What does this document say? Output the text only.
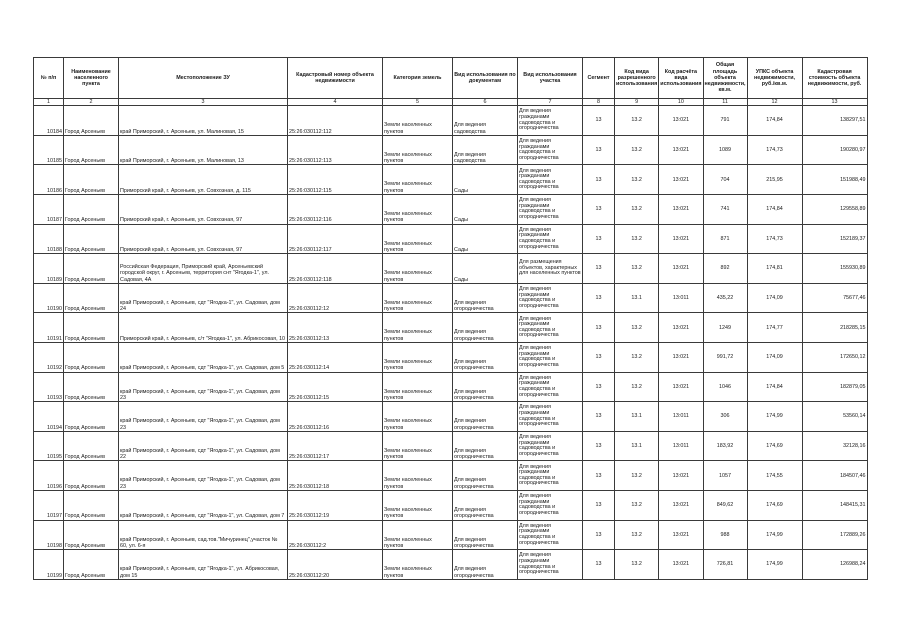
№ п/п	Наименование населенного пункта	Местоположение ЗУ	Кадастровый номер объекта недвижимости	Категория земель	Вид использования по документам	Вид использования участка	Сегмент	Код вида разрешенного использования	Код расчёта вида использования	Общая площадь объекта недвижимости, кв.м.	УПКС объекта недвижимости, руб./кв.м.	Кадастровая стоимость объекта недвижимости, руб.
1	2	3	4	5	6	7	8	9	10	11	12	13
10184	Город Арсеньев	край Приморский, г. Арсеньев, ул. Малиновая, 15	25:26:030112:112	Земли населенных пунктов	Для ведения садоводства	Для ведения гражданами садоводства и огородничества	13	13.2	13:021	791	174,84	138297,51
10185	Город Арсеньев	край Приморский, г. Арсеньев, ул. Малиновая, 13	25:26:030112:113	Земли населенных пунктов	Для ведения садоводства	Для ведения гражданами садоводства и огородничества	13	13.2	13:021	1089	174,73	190280,97
10186	Город Арсеньев	Приморский край, г. Арсеньев, ул. Совхозная, д. 115	25:26:030112:115	Земли населенных пунктов	Сады	Для ведения гражданами садоводства и огородничества	13	13.2	13:021	704	215,95	151988,49
10187	Город Арсеньев	Приморский край, г. Арсеньев, ул. Совхозная, 97	25:26:030112:116	Земли населенных пунктов	Сады	Для ведения гражданами садоводства и огородничества	13	13.2	13:021	741	174,84	129558,89
10188	Город Арсеньев	Приморский край, г. Арсеньев, ул. Совхозная, 97	25:26:030112:117	Земли населенных пунктов	Сады	Для ведения гражданами садоводства и огородничества	13	13.2	13:021	871	174,73	152189,37
10189	Город Арсеньев	Российская Федерация, Приморский край, Арсеньевский городской округ, г. Арсеньев, территория снт "Ягодка-1", ул. Садовая, 4А	25:26:030112:118	Земли населенных пунктов	Сады	Для размещения объектов, характерных для населенных пунктов	13	13.2	13:021	892	174,81	155930,89
10190	Город Арсеньев	край Приморский, г. Арсеньев, сдт "Ягодка-1", ул. Садовая, дом 24	25:26:030112:12	Земли населенных пунктов	Для ведения огородничества	Для ведения гражданами садоводства и огородничества	13	13.1	13:011	435,22	174,09	75677,46
10191	Город Арсеньев	Приморский край, г. Арсеньев, с/т "Ягодка-1", ул. Абрикосовая, 10	25:26:030112:13	Земли населенных пунктов	Для ведения огородничества	Для ведения гражданами садоводства и огородничества	13	13.2	13:021	1249	174,77	218285,15
10192	Город Арсеньев	край Приморский, г. Арсеньев, сдт "Ягодка-1", ул. Садовая, дом 5	25:26:030112:14	Земли населенных пунктов	Для ведения огородничества	Для ведения гражданами садоводства и огородничества	13	13.2	13:021	991,72	174,09	172650,12
10193	Город Арсеньев	край Приморский, г. Арсеньев, сдт "Ягодка-1", ул. Садовая, дом 23	25:26:030112:15	Земли населенных пунктов	Для ведения огородничества	Для ведения гражданами садоводства и огородничества	13	13.2	13:021	1046	174,84	182879,05
10194	Город Арсеньев	край Приморский, г. Арсеньев, сдт "Ягодка-1", ул. Садовая, дом 23	25:26:030112:16	Земли населенных пунктов	Для ведения огородничества	Для ведения гражданами садоводства и огородничества	13	13.1	13:011	306	174,99	53560,14
10195	Город Арсеньев	край Приморский, г. Арсеньев, сдт "Ягодка-1", ул. Садовая, дом 22	25:26:030112:17	Земли населенных пунктов	Для ведения огородничества	Для ведения гражданами садоводства и огородничества	13	13.1	13:011	183,92	174,69	32128,16
10196	Город Арсеньев	край Приморский, г. Арсеньев, сдт "Ягодка-1", ул. Садовая, дом 23	25:26:030112:18	Земли населенных пунктов	Для ведения огородничества	Для ведения гражданами садоводства и огородничества	13	13.2	13:021	1057	174,55	184507,46
10197	Город Арсеньев	край Приморский, г. Арсеньев, сдт "Ягодка-1", ул. Садовая, дом 7	25:26:030112:19	Земли населенных пунктов	Для ведения огородничества	Для ведения гражданами садоводства и огородничества	13	13.2	13:021	849,62	174,69	148415,31
10198	Город Арсеньев	край Приморский, г. Арсеньев, сад.тов."Мичуринец",участок № 60, ул. 6-я	25:26:030112:2	Земли населенных пунктов	Для ведения огородничества	Для ведения гражданами садоводства и огородничества	13	13.2	13:021	988	174,99	172889,26
10199	Город Арсеньев	край Приморский, г. Арсеньев, сдт "Ягодка-1", ул. Абрикосовая, дом 15	25:26:030112:20	Земли населенных пунктов	Для ведения огородничества	Для ведения гражданами садоводства и огородничества	13	13.2	13:021	726,81	174,99	126988,24
